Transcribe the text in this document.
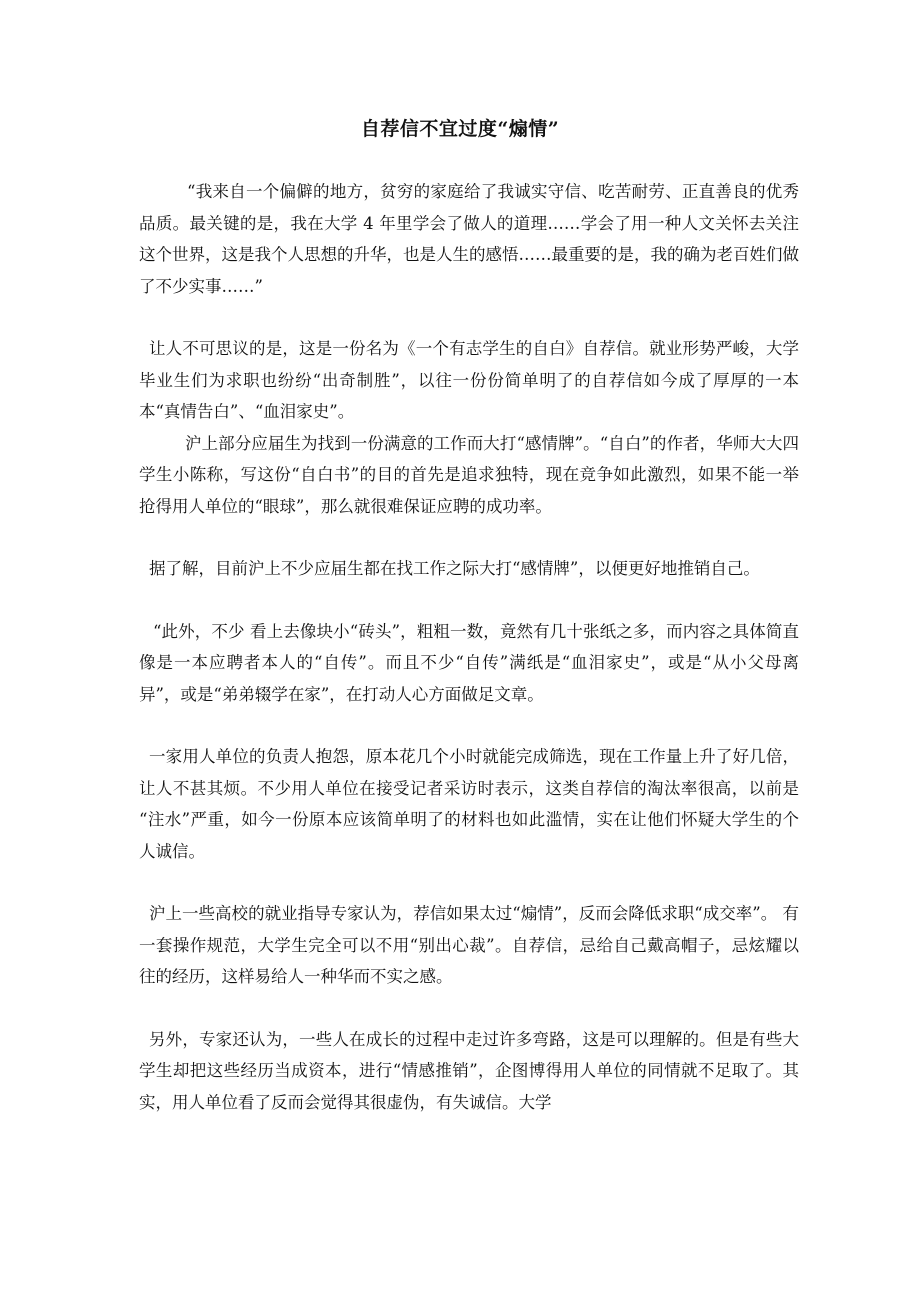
自荐信不宜过度“煽情”

“我来自一个偏僻的地方，贫穷的家庭给了我诚实守信、吃苦耐劳、正直善良的优秀品质。最关键的是，我在大学 4 年里学会了做人的道理……学会了用一种人文关怀去关注这个世界，这是我个人思想的升华，也是人生的感悟……最重要的是，我的确为老百姓们做了不少实事……”

让人不可思议的是，这是一份名为《一个有志学生的自白》自荐信。就业形势严峻，大学毕业生们为求职也纷纷“出奇制胜”，以往一份份简单明了的自荐信如今成了厚厚的一本本“真情告白”、“血泪家史”。

沪上部分应届生为找到一份满意的工作而大打“感情牌”。“自白”的作者，华师大大四学生小陈称，写这份“自白书”的目的首先是追求独特，现在竞争如此激烈，如果不能一举抢得用人单位的“眼球”，那么就很难保证应聘的成功率。

据了解，目前沪上不少应届生都在找工作之际大打“感情牌”，以便更好地推销自己。

“此外，不少 看上去像块小“砖头”，粗粗一数，竟然有几十张纸之多，而内容之具体简直像是一本应聘者本人的“自传”。而且不少“自传”满纸是“血泪家史”，或是“从小父母离异”，或是“弟弟辍学在家”，在打动人心方面做足文章。

一家用人单位的负责人抱怨，原本花几个小时就能完成筛选，现在工作量上升了好几倍，让人不甚其烦。不少用人单位在接受记者采访时表示，这类自荐信的淘汰率很高，以前是 “注水”严重，如今一份原本应该简单明了的材料也如此滥情，实在让他们怀疑大学生的个人诚信。

沪上一些高校的就业指导专家认为，荐信如果太过“煽情”，反而会降低求职“成交率”。 有一套操作规范，大学生完全可以不用“别出心裁”。自荐信，忌给自己戴高帽子，忌炫耀以往的经历，这样易给人一种华而不实之感。

另外，专家还认为，一些人在成长的过程中走过许多弯路，这是可以理解的。但是有些大学生却把这些经历当成资本，进行“情感推销”，企图博得用人单位的同情就不足取了。其实，用人单位看了反而会觉得其很虚伪，有失诚信。大学
